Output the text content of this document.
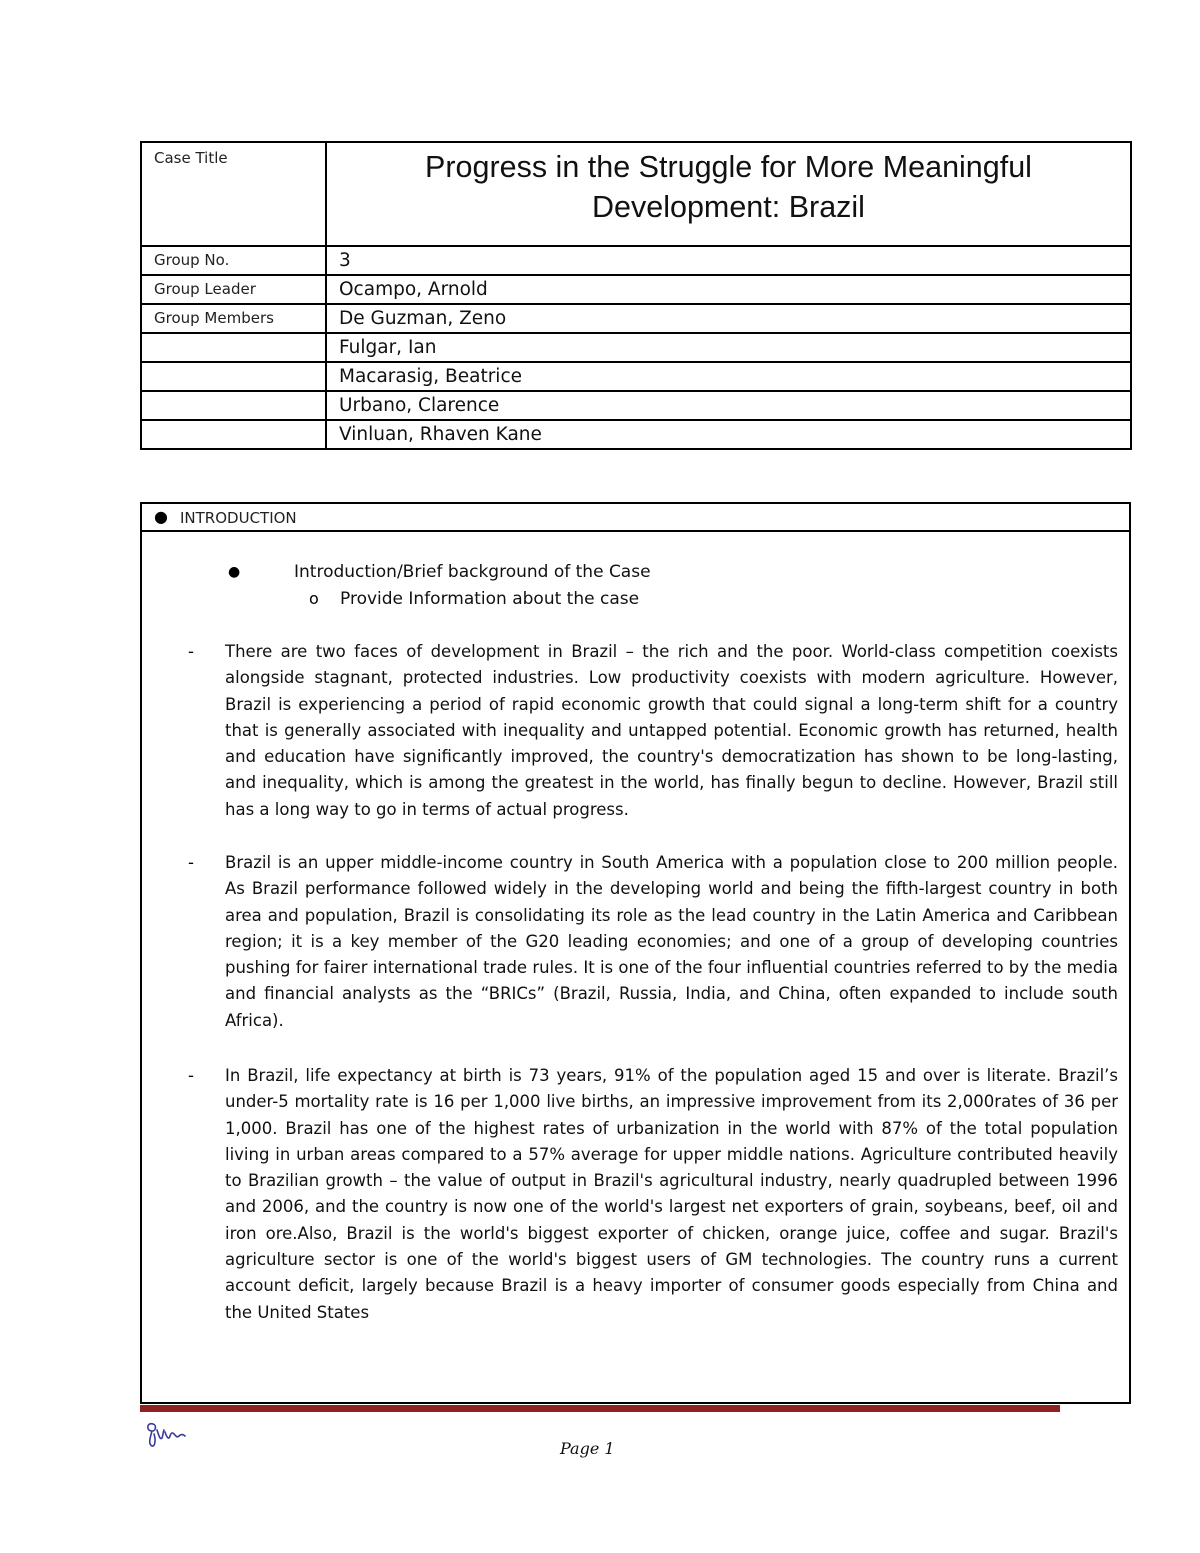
Case Title	Progress in the Struggle for More Meaningful Development: Brazil
Group No.	3
Group Leader	Ocampo, Arnold
Group Members	De Guzman, Zeno
	Fulgar, Ian
	Macarasig, Beatrice
	Urbano, Clarence
	Vinluan, Rhaven Kane
● INTRODUCTION
●	Introduction/Brief background of the Case
o Provide Information about the case
- There are two faces of development in Brazil – the rich and the poor. World-class competition coexists alongside stagnant, protected industries. Low productivity coexists with modern agriculture. However, Brazil is experiencing a period of rapid economic growth that could signal a long-term shift for a country that is generally associated with inequality and untapped potential. Economic growth has returned, health and education have significantly improved, the country's democratization has shown to be long-lasting, and inequality, which is among the greatest in the world, has finally begun to decline. However, Brazil still has a long way to go in terms of actual progress.

- Brazil is an upper middle-income country in South America with a population close to 200 million people. As Brazil performance followed widely in the developing world and being the fifth-largest country in both area and population, Brazil is consolidating its role as the lead country in the Latin America and Caribbean region; it is a key member of the G20 leading economies; and one of a group of developing countries pushing for fairer international trade rules. It is one of the four influential countries referred to by the media and financial analysts as the “BRICs” (Brazil, Russia, India, and China, often expanded to include south Africa).

- In Brazil, life expectancy at birth is 73 years, 91% of the population aged 15 and over is literate. Brazil’s under-5 mortality rate is 16 per 1,000 live births, an impressive improvement from its 2,000rates of 36 per 1,000. Brazil has one of the highest rates of urbanization in the world with 87% of the total population living in urban areas compared to a 57% average for upper middle nations. Agriculture contributed heavily to Brazilian growth – the value of output in Brazil's agricultural industry, nearly quadrupled between 1996 and 2006, and the country is now one of the world's largest net exporters of grain, soybeans, beef, oil and iron ore.Also, Brazil is the world's biggest exporter of chicken, orange juice, coffee and sugar. Brazil's agriculture sector is one of the world's biggest users of GM technologies. The country runs a current account deficit, largely because Brazil is a heavy importer of consumer goods especially from China and the United States

Page 1
